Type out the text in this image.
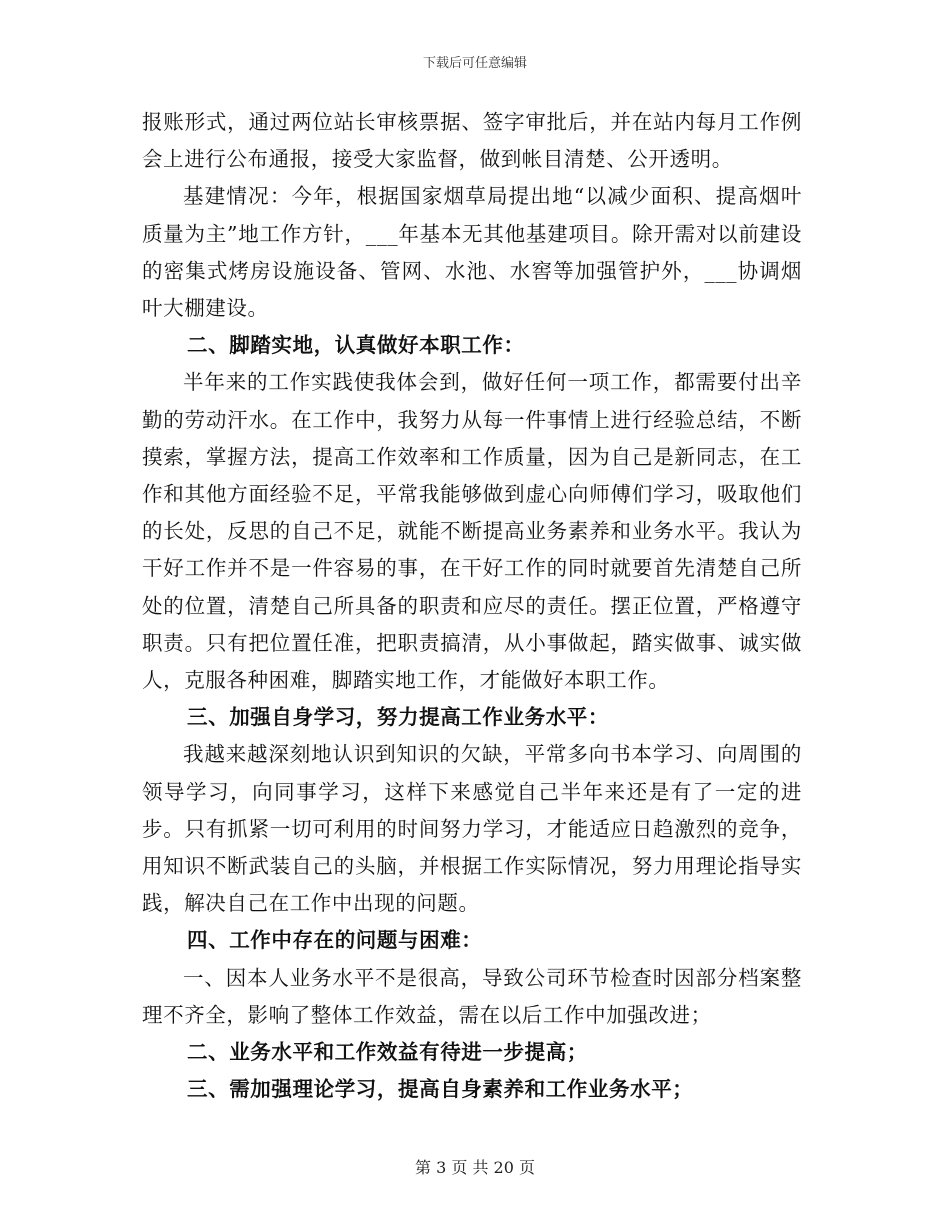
下载后可任意编辑

报账形式，通过两位站长审核票据、签字审批后，并在站内每月工作例会上进行公布通报，接受大家监督，做到帐目清楚、公开透明。

基建情况：今年，根据国家烟草局提出地“以减少面积、提高烟叶质量为主”地工作方针，___年基本无其他基建项目。除开需对以前建设的密集式烤房设施设备、管网、水池、水窖等加强管护外，___协调烟叶大棚建设。

二、脚踏实地，认真做好本职工作：

半年来的工作实践使我体会到，做好任何一项工作，都需要付出辛勤的劳动汗水。在工作中，我努力从每一件事情上进行经验总结，不断摸索，掌握方法，提高工作效率和工作质量，因为自己是新同志，在工作和其他方面经验不足，平常我能够做到虚心向师傅们学习，吸取他们的长处，反思的自己不足，就能不断提高业务素养和业务水平。我认为干好工作并不是一件容易的事，在干好工作的同时就要首先清楚自己所处的位置，清楚自己所具备的职责和应尽的责任。摆正位置，严格遵守职责。只有把位置任准，把职责搞清，从小事做起，踏实做事、诚实做人，克服各种困难，脚踏实地工作，才能做好本职工作。

三、加强自身学习，努力提高工作业务水平：

我越来越深刻地认识到知识的欠缺，平常多向书本学习、向周围的领导学习，向同事学习，这样下来感觉自己半年来还是有了一定的进步。只有抓紧一切可利用的时间努力学习，才能适应日趋激烈的竞争，用知识不断武装自己的头脑，并根据工作实际情况，努力用理论指导实践，解决自己在工作中出现的问题。

四、工作中存在的问题与困难：

一、因本人业务水平不是很高，导致公司环节检查时因部分档案整理不齐全，影响了整体工作效益，需在以后工作中加强改进；

二、业务水平和工作效益有待进一步提高；

三、需加强理论学习，提高自身素养和工作业务水平；

第 3 页 共 20 页
